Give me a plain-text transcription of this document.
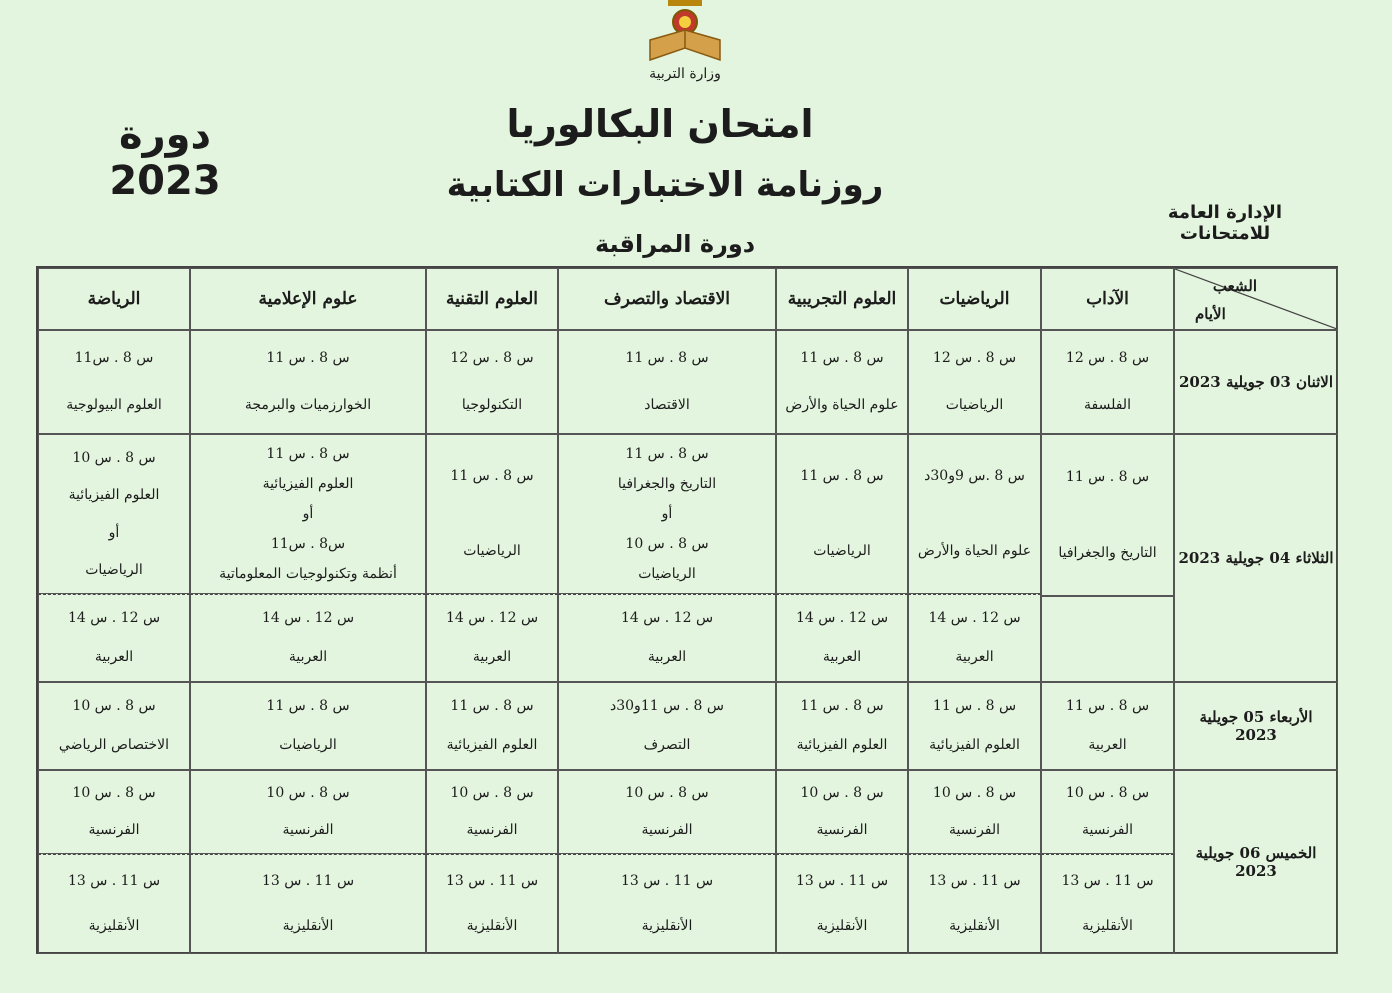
وزارة التربية
دورة 2023
امتحان البكالوريا
روزنامة الاختبارات الكتابية
الإدارة العامة للامتحانات
دورة المراقبة
الشعب
الأيام
الآداب
الرياضيات
العلوم التجريبية
الاقتصاد والتصرف
العلوم التقنية
علوم الإعلامية
الرياضة
الاثنان 03 جويلية 2023
الثلاثاء 04 جويلية 2023
الأربعاء 05 جويلية 2023
الخميس 06 جويلية 2023
س 8 . س 12
الفلسفة
س 8 . س 12
الرياضيات
س 8 . س 11
علوم الحياة والأرض
س 8 . س 11
الاقتصاد
س 8 . س 12
التكنولوجيا
س 8 . س 11
الخوارزميات والبرمجة
س 8 . س11
العلوم البيولوجية
س 8 . س 11
التاريخ والجغرافيا
س 8 .س 9و30د
علوم الحياة والأرض
س 8 . س 11
الرياضيات
س 8 . س 11
التاريخ والجغرافيا
أو
س 8 . س 10
الرياضيات
س 8 . س 11
الرياضيات
س 8 . س 11
العلوم الفيزيائية
أو
س8 . س11
أنظمة وتكنولوجيات المعلوماتية
س 8 . س 10
العلوم الفيزيائية
أو
الرياضيات
س 12 . س 14
العربية
س 12 . س 14
العربية
س 12 . س 14
العربية
س 12 . س 14
العربية
س 12 . س 14
العربية
س 12 . س 14
العربية
س 8 . س 11
العربية
س 8 . س 11
العلوم الفيزيائية
س 8 . س 11
العلوم الفيزيائية
س 8 . س 11و30د
التصرف
س 8 . س 11
العلوم الفيزيائية
س 8 . س 11
الرياضيات
س 8 . س 10
الاختصاص الرياضي
س 8 . س 10
الفرنسية
س 8 . س 10
الفرنسية
س 8 . س 10
الفرنسية
س 8 . س 10
الفرنسية
س 8 . س 10
الفرنسية
س 8 . س 10
الفرنسية
س 8 . س 10
الفرنسية
س 11 . س 13
الأنقليزية
س 11 . س 13
الأنقليزية
س 11 . س 13
الأنقليزية
س 11 . س 13
الأنقليزية
س 11 . س 13
الأنقليزية
س 11 . س 13
الأنقليزية
س 11 . س 13
الأنقليزية
